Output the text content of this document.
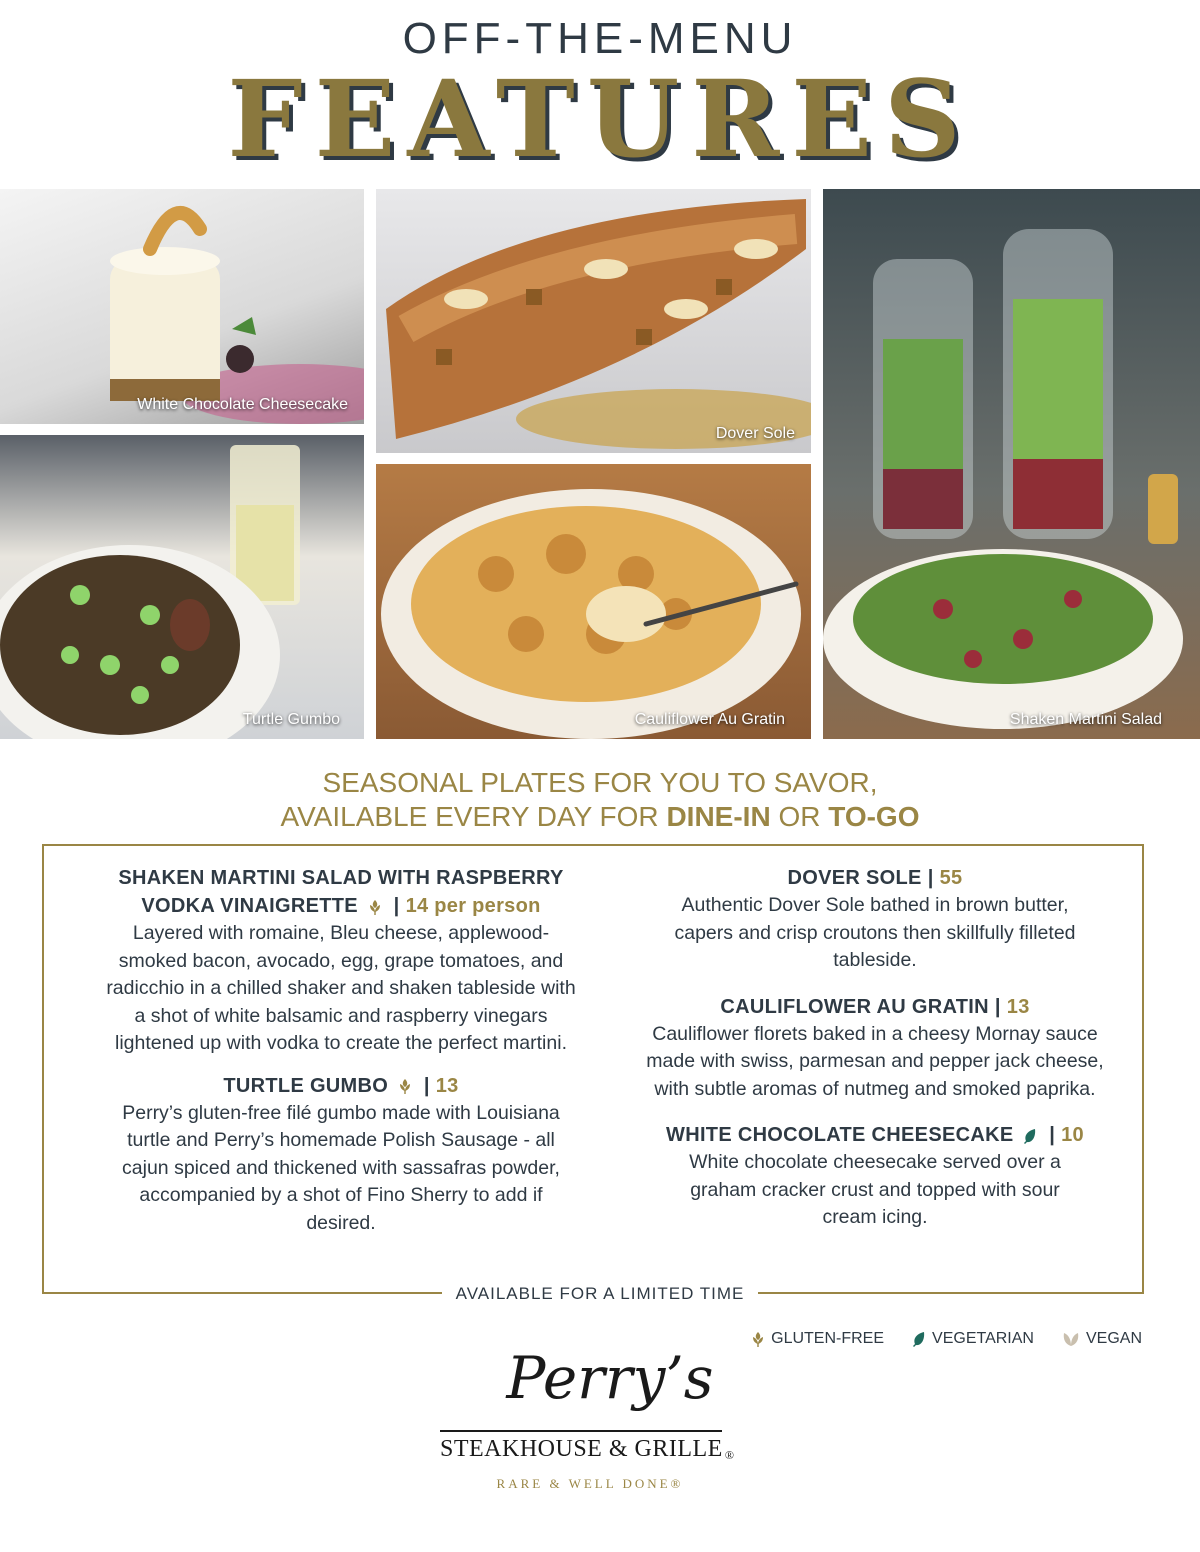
OFF-THE-MENU
FEATURES
White Chocolate Cheesecake
Dover Sole
Shaken Martini Salad
Turtle Gumbo	Cauliflower Au Gratin
SEASONAL PLATES FOR YOU TO SAVOR,
AVAILABLE EVERY DAY FOR DINE-IN OR TO-GO
SHAKEN MARTINI SALAD WITH RASPBERRY
VODKA VINAIGRETTE | 14 per person
Layered with romaine, Bleu cheese, applewood-smoked bacon, avocado, egg, grape tomatoes, and radicchio in a chilled shaker and shaken tableside with a shot of white balsamic and raspberry vinegars lightened up with vodka to create the perfect martini.
TURTLE GUMBO | 13
Perry’s gluten-free filé gumbo made with Louisiana turtle and Perry’s homemade Polish Sausage - all cajun spiced and thickened with sassafras powder, accompanied by a shot of Fino Sherry to add if desired.
DOVER SOLE | 55
Authentic Dover Sole bathed in brown butter, capers and crisp croutons then skillfully filleted tableside.
CAULIFLOWER AU GRATIN | 13
Cauliflower florets baked in a cheesy Mornay sauce made with swiss, parmesan and pepper jack cheese, with subtle aromas of nutmeg and smoked paprika.
WHITE CHOCOLATE CHEESECAKE | 10
White chocolate cheesecake served over a graham cracker crust and topped with sour cream icing.
AVAILABLE FOR A LIMITED TIME
GLUTEN-FREE	VEGETARIAN	VEGAN
Perry’s
STEAKHOUSE & GRILLE ®
RARE & WELL DONE®
